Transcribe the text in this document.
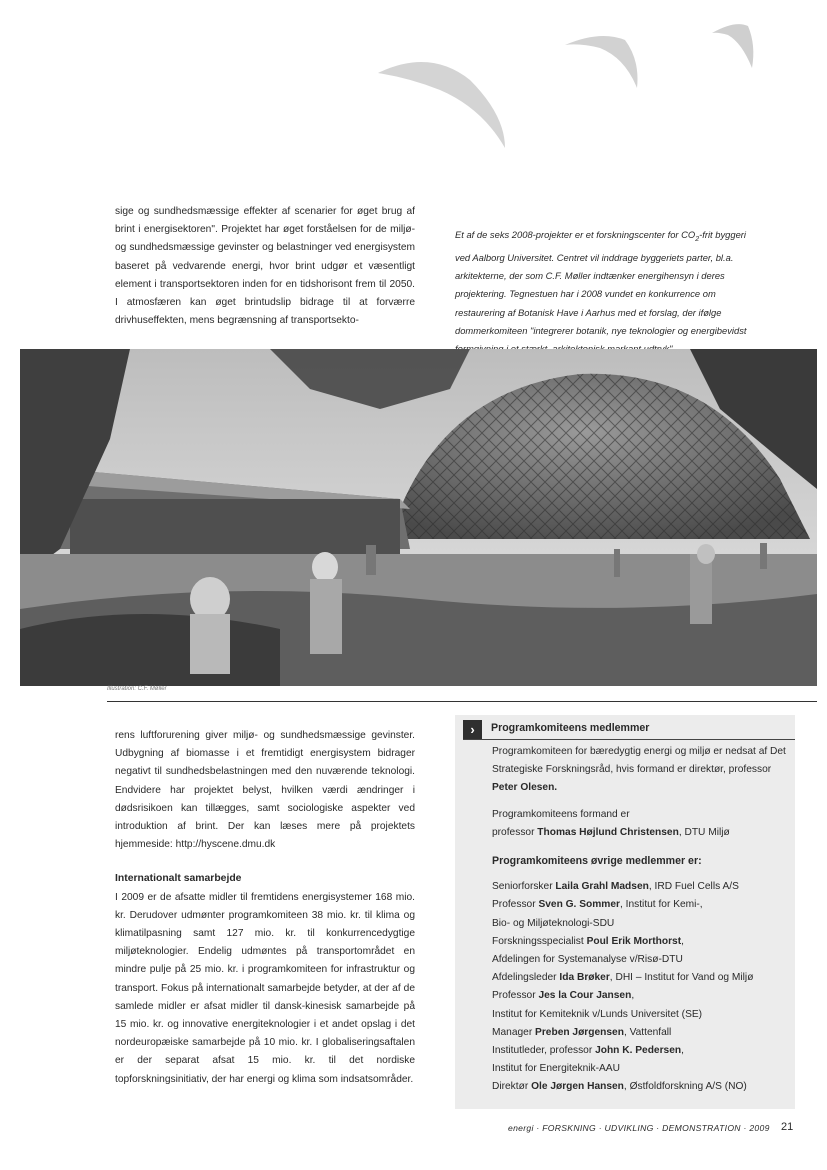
sige og sundhedsmæssige effekter af scenarier for øget brug af brint i energisektoren". Projektet har øget forståelsen for de miljø- og sundhedsmæssige gevinster og belastninger ved energisystem baseret på vedvarende energi, hvor brint udgør et væsentligt element i transportsektoren inden for en tidshorisont frem til 2050. I atmosfæren kan øget brintudslip bidrage til at forværre drivhuseffekten, mens begrænsning af transportsekto-
Et af de seks 2008-projekter er et forskningscenter for $CO_2$-frit byggeri ved Aalborg Universitet. Centret vil inddrage byggeriets parter, bl.a. arkitekterne, der som C.F. Møller indtænker energihensyn i deres projektering. Tegnestuen har i 2008 vundet en konkurrence om restaurering af Botanisk Have i Aarhus med et forslag, der ifølge dommerkomiteen "integrerer botanik, nye teknologier og energibevidst
Illustration: C.F. Møller

rens luftforurening giver miljø- og sundhedsmæssige gevinster. Udbygning af biomasse i et fremtidigt energisystem bidrager negativt til sundhedsbelastningen med den nuværende teknologi. Endvidere har projektet belyst, hvilken værdi ændringer i dødsrisikoen kan tillægges, samt sociologiske aspekter ved introduktion af brint. Der kan læses mere på projektets hjemmeside: http://hyscene.dmu.dk

Internationalt samarbejde

I 2009 er de afsatte midler til fremtidens energisystemer 168 mio. kr. Derudover udmønter programkomiteen 38 mio. kr. til klima og klimatilpasning samt 127 mio. kr. til konkurrencedygtige miljøteknologier. Endelig udmøntes på transportområdet en mindre pulje på 25 mio. kr. i programkomiteen for infrastruktur og transport. Fokus på internationalt samarbejde betyder, at der af de samlede midler er afsat midler til dansk-kinesisk samarbejde på 15 mio. kr. og innovative energiteknologier i et andet opslag i det nordeuropæiske samarbejde på 10 mio. kr. I globaliseringsaftalen er der separat afsat 15 mio. kr. til det nordiske topforskningsinitiativ, der har energi og klima som indsatsområder.

›	Programkomiteens medlemmer

Programkomiteen for bæredygtig energi og miljø er nedsat af Det Strategiske Forskningsråd, hvis formand er direktør, professor Peter Olesen.

Programkomiteens formand er

professor Thomas Højlund Christensen, DTU Miljø

Programkomiteens øvrige medlemmer er:

Seniorforsker Laila Grahl Madsen, IRD Fuel Cells A/S

Professor Sven G. Sommer, Institut for Kemi-,

Bio- og Miljøteknologi-SDU

Forskningsspecialist Poul Erik Morthorst,

Afdelingen for Systemanalyse v/Risø-DTU

Afdelingsleder Ida Brøker, DHI – Institut for Vand og Miljø

Professor Jes la Cour Jansen,

Institut for Kemiteknik v/Lunds Universitet (SE)

Manager Preben Jørgensen, Vattenfall

Institutleder, professor John K. Pedersen,

Institut for Energiteknik-AAU

Direktør Ole Jørgen Hansen, Østfoldforskning A/S (NO)

energi · FORSKNING · UDVIKLING · DEMONSTRATION · 2009 21
